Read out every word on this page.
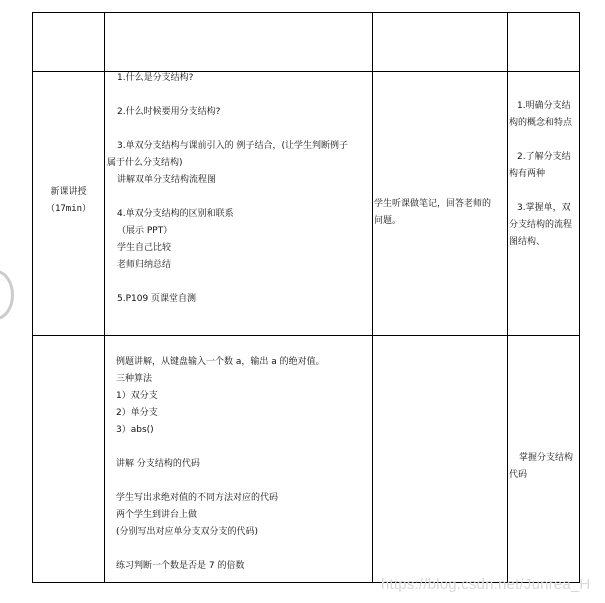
新课讲授

（17min）

1.什么是分支结构?

2.什么时候要用分支结构?

3.单双分支结构与课前引入的 例子结合，(让学生判断例子

属于什么分支结构)

讲解双单分支结构流程图

4.单双分支结构的区别和联系

（展示 PPT）

学生自己比较

老师归纳总结

5.P109 页课堂自测

学生听课做笔记，回答老师的

问题。

1.明确分支结

构的概念和特点

2.了解分支结

构有两种

3.掌握单，双

分支结构的流程

图结构、

例题讲解，从键盘输入一个数 a，输出 a 的绝对值。

三种算法

1）双分支

2）单分支

3）abs()

讲解 分支结构的代码

学生写出求绝对值的不同方法对应的代码

两个学生到讲台上做

(分别写出对应单分支双分支的代码)

练习判断一个数是否是 7 的倍数

掌握分支结构

代码

https://blog.csdn.net/Junrea_H
